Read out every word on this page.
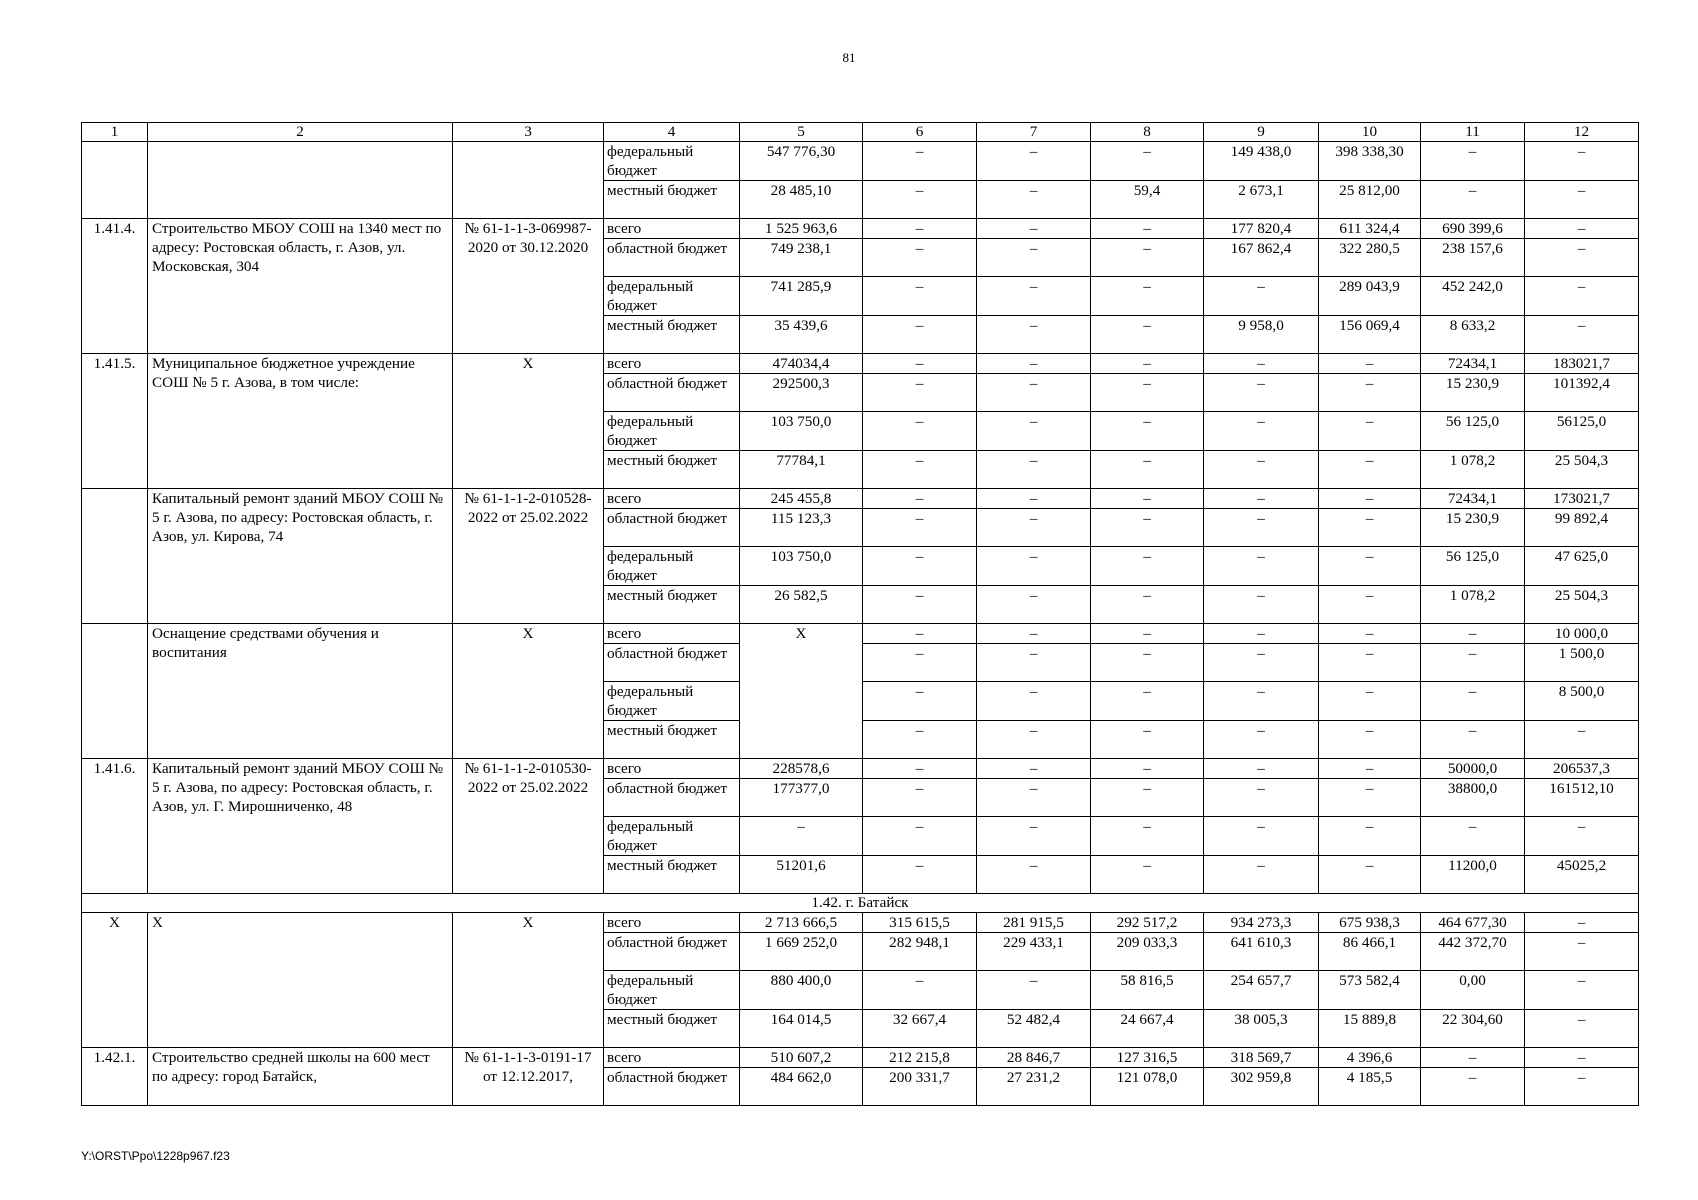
81
1	2	3	4	5	6	7	8	9	10	11	12
			федеральный бюджет	547 776,30	–	–	–	149 438,0	398 338,30	–	–
			местный бюджет	28 485,10	–	–	59,4	2 673,1	25 812,00	–	–
1.41.4.	Строительство МБОУ СОШ на 1340 мест по адресу: Ростовская область, г. Азов, ул. Московская, 304	№ 61-1-1-3-069987-2020 от 30.12.2020	всего	1 525 963,6	–	–	–	177 820,4	611 324,4	690 399,6	–
			областной бюджет	749 238,1	–	–	–	167 862,4	322 280,5	238 157,6	–
			федеральный бюджет	741 285,9	–	–	–	–	289 043,9	452 242,0	–
			местный бюджет	35 439,6	–	–	–	9 958,0	156 069,4	8 633,2	–
1.41.5.	Муниципальное бюджетное учреждение СОШ № 5 г. Азова, в том числе:	Х	всего	474034,4	–	–	–	–	–	72434,1	183021,7
			областной бюджет	292500,3	–	–	–	–	–	15 230,9	101392,4
			федеральный бюджет	103 750,0	–	–	–	–	–	56 125,0	56125,0
			местный бюджет	77784,1	–	–	–	–	–	1 078,2	25 504,3
	Капитальный ремонт зданий МБОУ СОШ № 5 г. Азова, по адресу: Ростовская область, г. Азов, ул. Кирова, 74	№ 61-1-1-2-010528-2022 от 25.02.2022	всего	245 455,8	–	–	–	–	–	72434,1	173021,7
			областной бюджет	115 123,3	–	–	–	–	–	15 230,9	99 892,4
			федеральный бюджет	103 750,0	–	–	–	–	–	56 125,0	47 625,0
			местный бюджет	26 582,5	–	–	–	–	–	1 078,2	25 504,3
	Оснащение средствами обучения и воспитания	Х	всего	Х	–	–	–	–	–	–	10 000,0
			областной бюджет		–	–	–	–	–	–	1 500,0
			федеральный бюджет		–	–	–	–	–	–	8 500,0
			местный бюджет		–	–	–	–	–	–	–
1.41.6.	Капитальный ремонт зданий МБОУ СОШ № 5 г. Азова, по адресу: Ростовская область, г. Азов, ул. Г. Мирошниченко, 48	№ 61-1-1-2-010530-2022 от 25.02.2022	всего	228578,6	–	–	–	–	–	50000,0	206537,3
			областной бюджет	177377,0	–	–	–	–	–	38800,0	161512,10
			федеральный бюджет	–	–	–	–	–	–	–	–
			местный бюджет	51201,6	–	–	–	–	–	11200,0	45025,2
1.42. г. Батайск											
Х	Х	Х	всего	2 713 666,5	315 615,5	281 915,5	292 517,2	934 273,3	675 938,3	464 677,30	–
			областной бюджет	1 669 252,0	282 948,1	229 433,1	209 033,3	641 610,3	86 466,1	442 372,70	–
			федеральный бюджет	880 400,0	–	–	58 816,5	254 657,7	573 582,4	0,00	–
			местный бюджет	164 014,5	32 667,4	52 482,4	24 667,4	38 005,3	15 889,8	22 304,60	–
1.42.1.	Строительство средней школы на 600 мест по адресу: город Батайск,	№ 61-1-1-3-0191-17 от 12.12.2017,	всего	510 607,2	212 215,8	28 846,7	127 316,5	318 569,7	4 396,6	–	–
			областной бюджет	484 662,0	200 331,7	27 231,2	121 078,0	302 959,8	4 185,5	–	–
Y:\ORST\Ppo\1228p967.f23
